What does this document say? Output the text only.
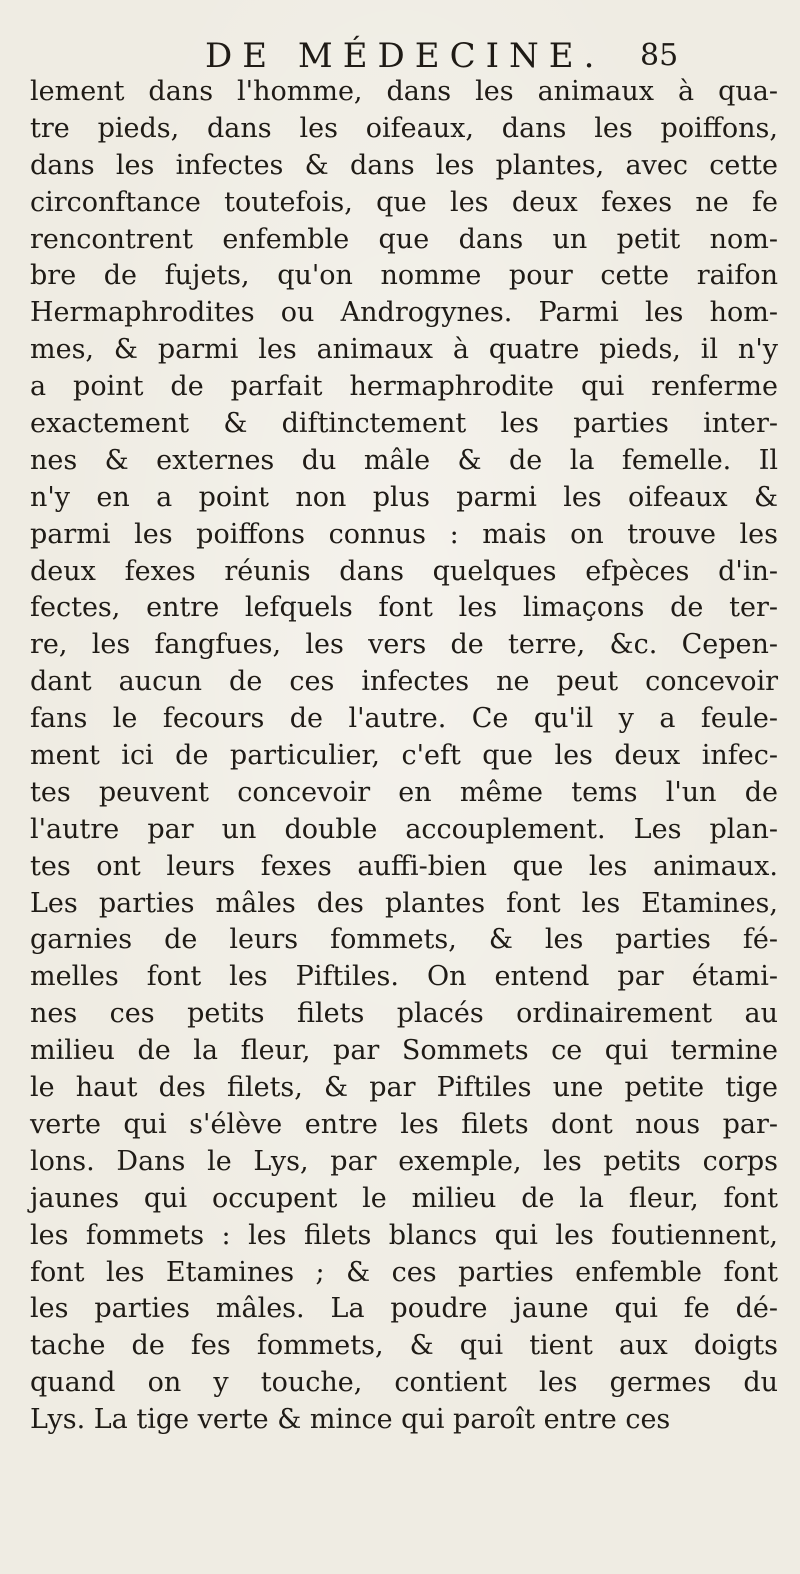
DE MÉDECINE. 85
lement dans l'homme, dans les animaux à qua-
tre pieds, dans les oifeaux, dans les poiffons,
dans les infectes & dans les plantes, avec cette
circonftance toutefois, que les deux fexes ne fe
rencontrent enfemble que dans un petit nom-
bre de fujets, qu'on nomme pour cette raifon
Hermaphrodites ou Androgynes. Parmi les hom-
mes, & parmi les animaux à quatre pieds, il n'y
a point de parfait hermaphrodite qui renferme
exactement & diftinctement les parties inter-
nes & externes du mâle & de la femelle. Il
n'y en a point non plus parmi les oifeaux &
parmi les poiffons connus : mais on trouve les
deux fexes réunis dans quelques efpèces d'in-
fectes, entre lefquels font les limaçons de ter-
re, les fangfues, les vers de terre, &c. Cepen-
dant aucun de ces infectes ne peut concevoir
fans le fecours de l'autre. Ce qu'il y a feule-
ment ici de particulier, c'eft que les deux infec-
tes peuvent concevoir en même tems l'un de
l'autre par un double accouplement. Les plan-
tes ont leurs fexes auffi-bien que les animaux.
Les parties mâles des plantes font les Etamines,
garnies de leurs fommets, & les parties fé-
melles font les Piftiles. On entend par étami-
nes ces petits filets placés ordinairement au
milieu de la fleur, par Sommets ce qui termine
le haut des filets, & par Piftiles une petite tige
verte qui s'élève entre les filets dont nous par-
lons. Dans le Lys, par exemple, les petits corps
jaunes qui occupent le milieu de la fleur, font
les fommets : les filets blancs qui les foutiennent,
font les Etamines ; & ces parties enfemble font
les parties mâles. La poudre jaune qui fe dé-
tache de fes fommets, & qui tient aux doigts
quand on y touche, contient les germes du
Lys. La tige verte & mince qui paroît entre ces
